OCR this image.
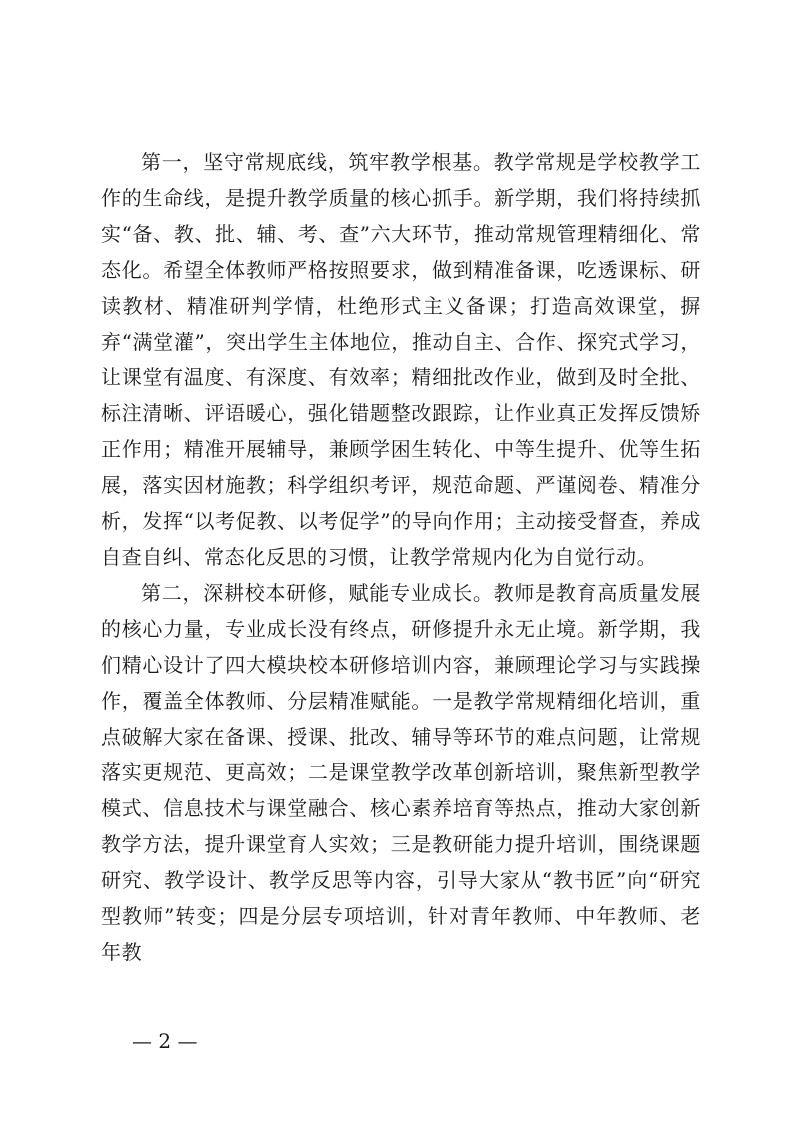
第一，坚守常规底线，筑牢教学根基。教学常规是学校教学工作的生命线，是提升教学质量的核心抓手。新学期，我们将持续抓实“备、教、批、辅、考、查”六大环节，推动常规管理精细化、常态化。希望全体教师严格按照要求，做到精准备课，吃透课标、研读教材、精准研判学情，杜绝形式主义备课；打造高效课堂，摒弃“满堂灌”，突出学生主体地位，推动自主、合作、探究式学习，让课堂有温度、有深度、有效率；精细批改作业，做到及时全批、标注清晰、评语暖心，强化错题整改跟踪，让作业真正发挥反馈矫正作用；精准开展辅导，兼顾学困生转化、中等生提升、优等生拓展，落实因材施教；科学组织考评，规范命题、严谨阅卷、精准分析，发挥“以考促教、以考促学”的导向作用；主动接受督查，养成自查自纠、常态化反思的习惯，让教学常规内化为自觉行动。

第二，深耕校本研修，赋能专业成长。教师是教育高质量发展的核心力量，专业成长没有终点，研修提升永无止境。新学期，我们精心设计了四大模块校本研修培训内容，兼顾理论学习与实践操作，覆盖全体教师、分层精准赋能。一是教学常规精细化培训，重点破解大家在备课、授课、批改、辅导等环节的难点问题，让常规落实更规范、更高效；二是课堂教学改革创新培训，聚焦新型教学模式、信息技术与课堂融合、核心素养培育等热点，推动大家创新教学方法，提升课堂育人实效；三是教研能力提升培训，围绕课题研究、教学设计、教学反思等内容，引导大家从“教书匠”向“研究型教师”转变；四是分层专项培训，针对青年教师、中年教师、老年教

— 2 —
